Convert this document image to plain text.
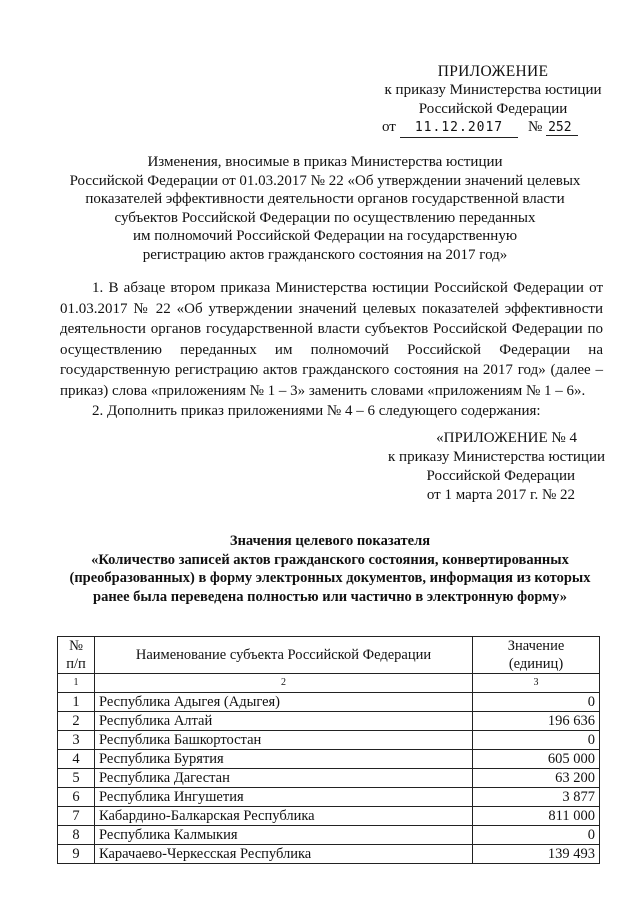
ПРИЛОЖЕНИЕ
к приказу Министерства юстиции
Российской Федерации
от	11.12.2017	№ 252
Изменения, вносимые в приказ Министерства юстиции
Российской Федерации от 01.03.2017 № 22 «Об утверждении значений целевых
показателей эффективности деятельности органов государственной власти
субъектов Российской Федерации по осуществлению переданных
им полномочий Российской Федерации на государственную
регистрацию актов гражданского состояния на 2017 год»

1. В абзаце втором приказа Министерства юстиции Российской Федерации от 01.03.2017 № 22 «Об утверждении значений целевых показателей эффективности деятельности органов государственной власти субъектов Российской Федерации по осуществлению переданных им полномочий Российской Федерации на государственную регистрацию актов гражданского состояния на 2017 год» (далее – приказ) слова «приложениям № 1 – 3» заменить словами «приложениям № 1 – 6».

2. Дополнить приказ приложениями № 4 – 6 следующего содержания:

«ПРИЛОЖЕНИЕ № 4
к приказу Министерства юстиции
Российской Федерации
от 1 марта 2017 г. № 22
Значения целевого показателя
«Количество записей актов гражданского состояния, конвертированных
(преобразованных) в форму электронных документов, информация из которых
ранее была переведена полностью или частично в электронную форму»
№
п/п	Наименование субъекта Российской Федерации	Значение
(единиц)
1	2	3
1	Республика Адыгея (Адыгея)	0
2	Республика Алтай	196 636
3	Республика Башкортостан	0
4	Республика Бурятия	605 000
5	Республика Дагестан	63 200
6	Республика Ингушетия	3 877
7	Кабардино-Балкарская Республика	811 000
8	Республика Калмыкия	0
9	Карачаево-Черкесская Республика	139 493
